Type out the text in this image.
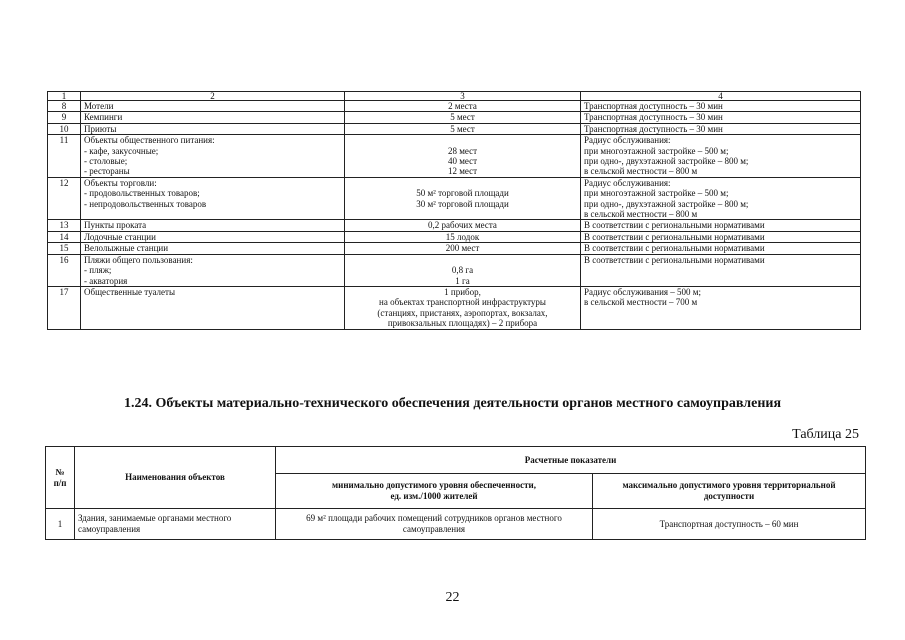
1	2	3	4
8	Мотели	2 места	Транспортная доступность – 30 мин

9	Кемпинги	5 мест	Транспортная доступность – 30 мин

10	Приюты	5 мест	Транспортная доступность – 30 мин

11	Объекты общественного питания:
- кафе, закусочные;
- столовые;
- рестораны	28 мест
40 мест
12 мест	Радиус обслуживания:
при многоэтажной застройке – 500 м;
при одно-, двухэтажной застройке – 800 м;
в сельской местности – 800 м

12	Объекты торговли:
- продовольственных товаров;
- непродовольственных товаров	50 м² торговой площади
30 м² торговой площади	Радиус обслуживания:
при многоэтажной застройке – 500 м;
при одно-, двухэтажной застройке – 800 м;
в сельской местности – 800 м

13	Пункты проката	0,2 рабочих места	В соответствии с региональными нормативами

14	Лодочные станции	15 лодок	В соответствии с региональными нормативами

15	Велолыжные станции	200 мест	В соответствии с региональными нормативами

16	Пляжи общего пользования:
- пляж;
- акватория	0,8 га
1 га	В соответствии с региональными нормативами

17	Общественные туалеты	1 прибор,
на объектах транспортной инфраструктуры
(станциях, пристанях, аэропортах, вокзалах,
привокзальных площадях) – 2 прибора	Радиус обслуживания – 500 м;
в сельской местности – 700 м
1.24. Объекты материально-технического обеспечения деятельности органов местного самоуправления
Таблица 25
№
п/п	Наименования объектов	Расчетные показатели	

		минимально допустимого уровня обеспеченности,
ед. изм./1000 жителей	максимально допустимого уровня территориальной
доступности

1	Здания, занимаемые органами местного
самоуправления	69 м² площади рабочих помещений сотрудников органов местного
самоуправления	Транспортная доступность – 60 мин
22
